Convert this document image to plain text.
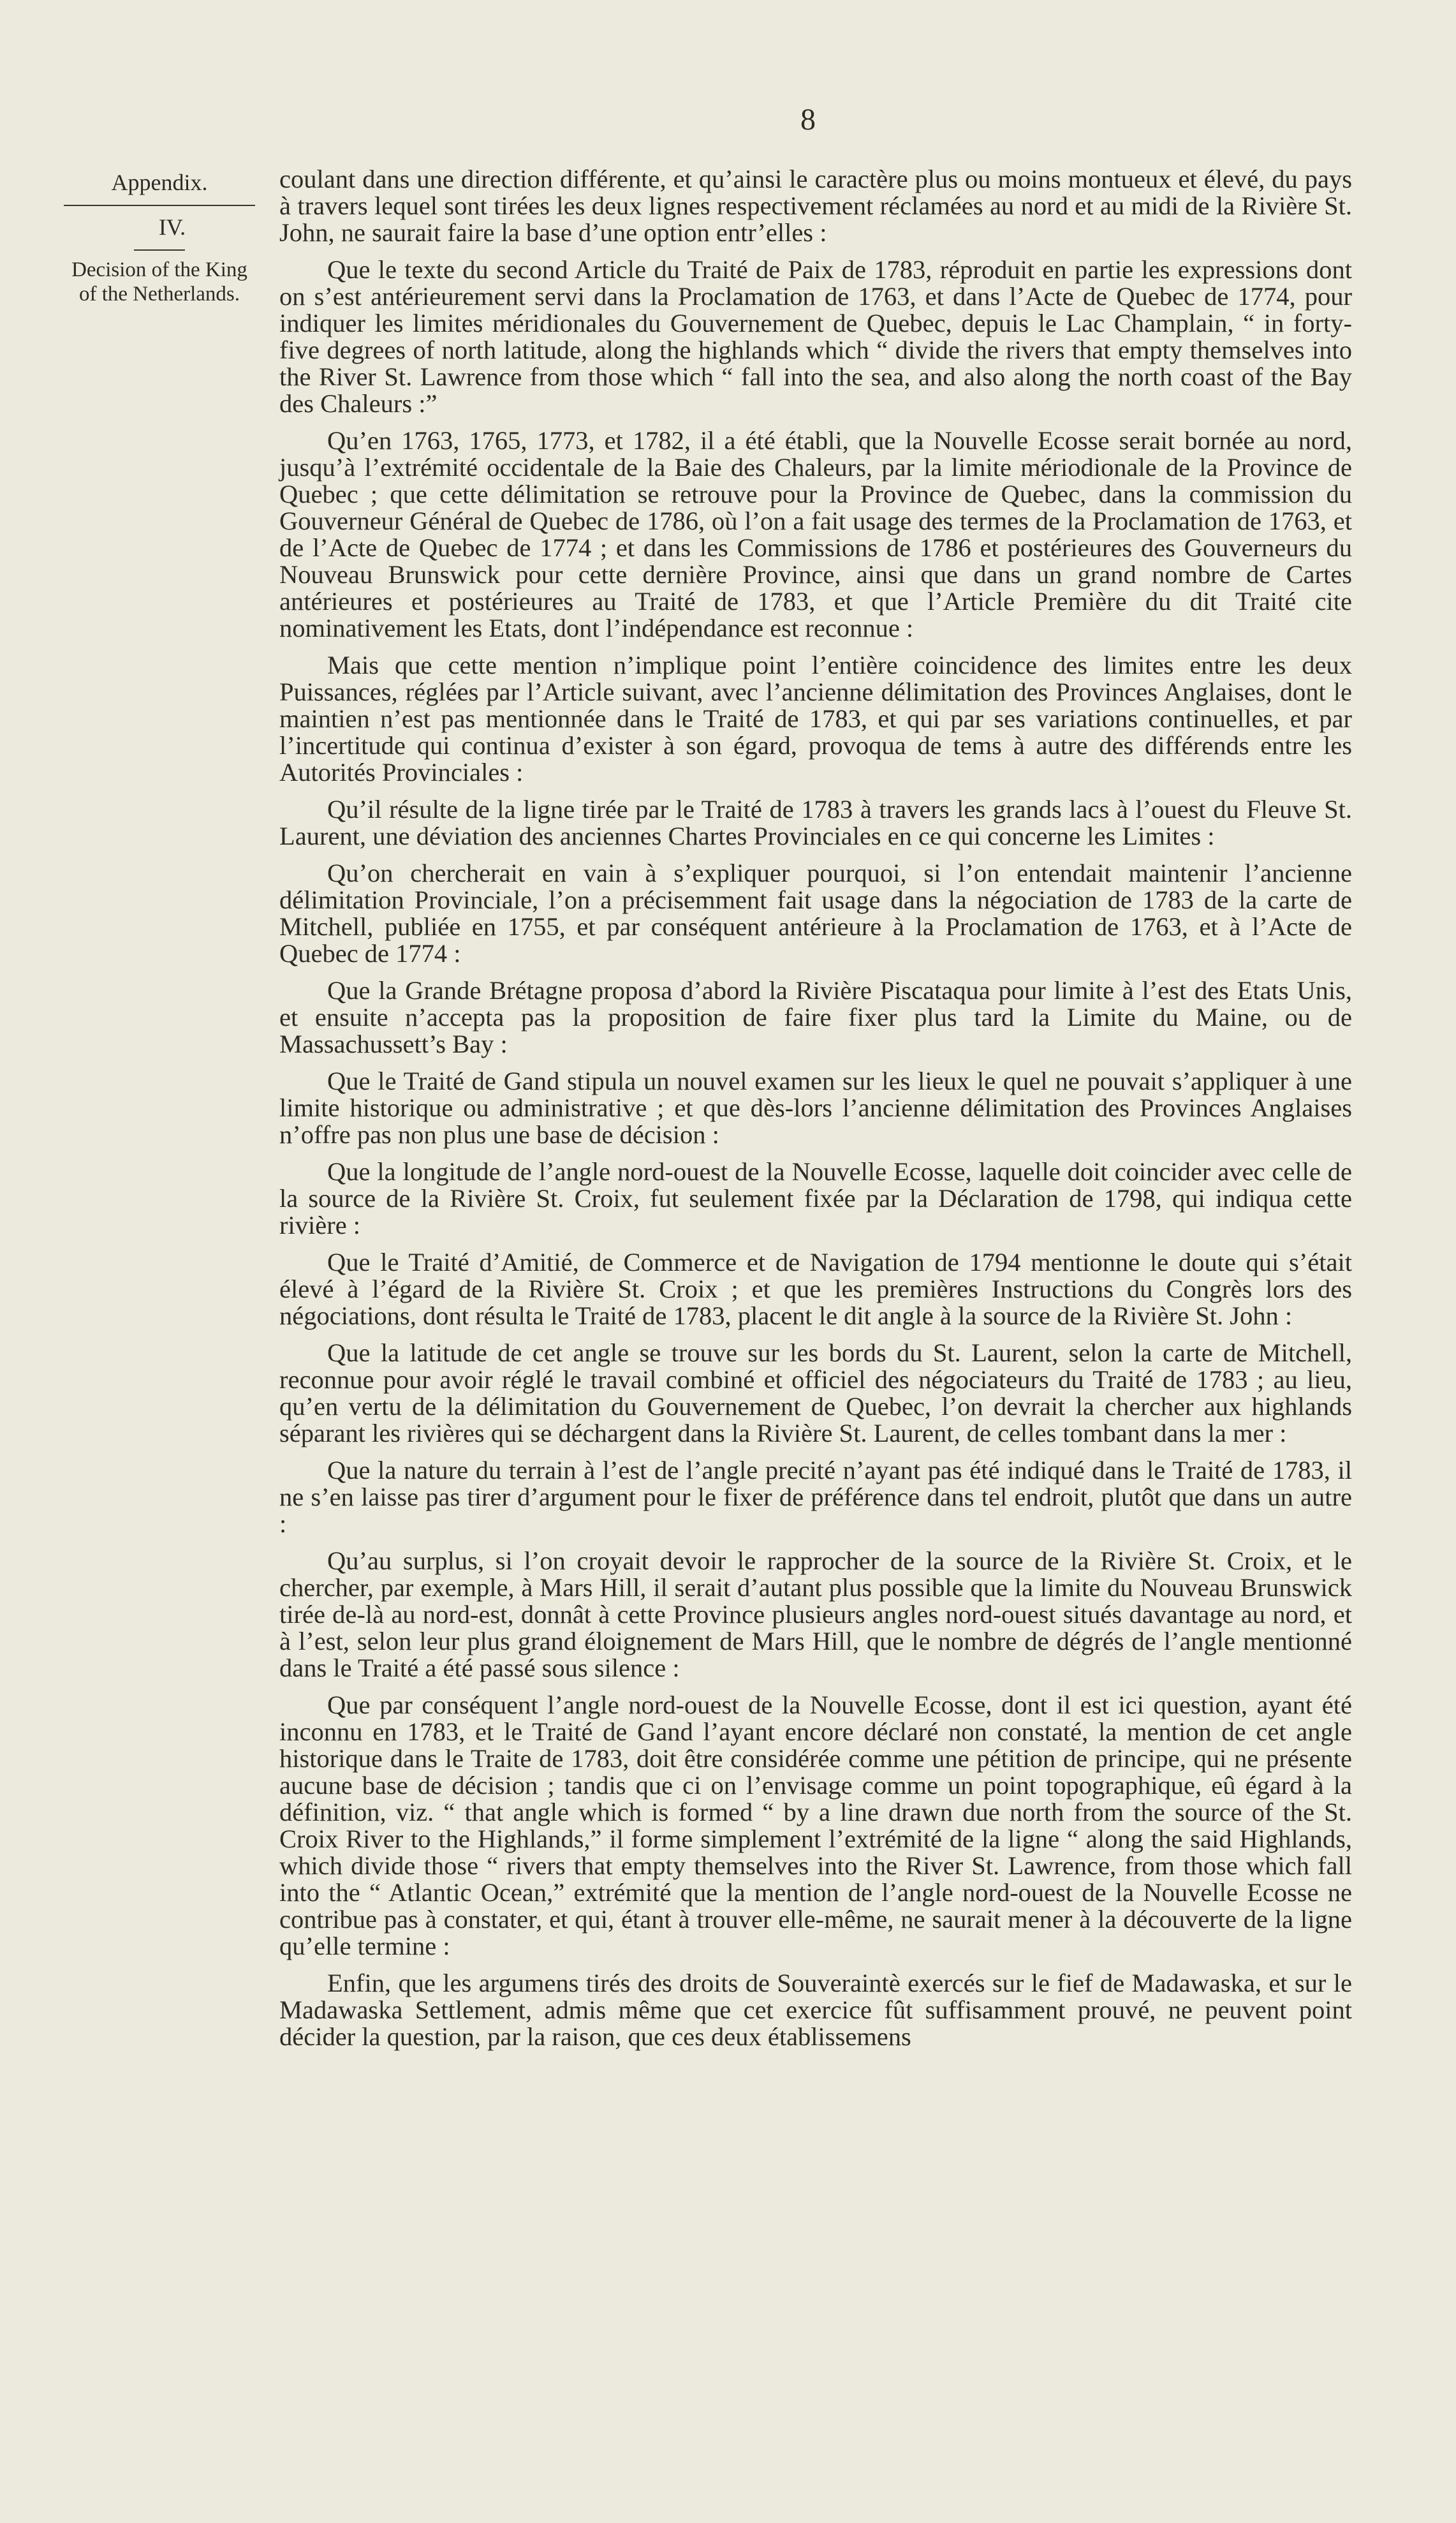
8
Appendix.
IV.
Decision of the King of the Netherlands.

coulant dans une direction différente, et qu’ainsi le caractère plus ou moins montueux et élevé, du pays à travers lequel sont tirées les deux lignes respectivement réclamées au nord et au midi de la Rivière St. John, ne saurait faire la base d’une option entr’elles :

Que le texte du second Article du Traité de Paix de 1783, réproduit en partie les expressions dont on s’est antérieurement servi dans la Proclamation de 1763, et dans l’Acte de Quebec de 1774, pour indiquer les limites méridionales du Gouvernement de Quebec, depuis le Lac Champlain, “ in forty-five degrees of north latitude, along the highlands which “ divide the rivers that empty themselves into the River St. Lawrence from those which “ fall into the sea, and also along the north coast of the Bay des Chaleurs :”

Qu’en 1763, 1765, 1773, et 1782, il a été établi, que la Nouvelle Ecosse serait bornée au nord, jusqu’à l’extrémité occidentale de la Baie des Chaleurs, par la limite mériodionale de la Province de Quebec ; que cette délimitation se retrouve pour la Province de Quebec, dans la commission du Gouverneur Général de Quebec de 1786, où l’on a fait usage des termes de la Proclamation de 1763, et de l’Acte de Quebec de 1774 ; et dans les Commissions de 1786 et postérieures des Gouverneurs du Nouveau Brunswick pour cette dernière Province, ainsi que dans un grand nombre de Cartes antérieures et postérieures au Traité de 1783, et que l’Article Première du dit Traité cite nominativement les Etats, dont l’indépendance est reconnue :

Mais que cette mention n’implique point l’entière coincidence des limites entre les deux Puissances, réglées par l’Article suivant, avec l’ancienne délimitation des Provinces Anglaises, dont le maintien n’est pas mentionnée dans le Traité de 1783, et qui par ses variations continuelles, et par l’incertitude qui continua d’exister à son égard, provoqua de tems à autre des différends entre les Autorités Provinciales :

Qu’il résulte de la ligne tirée par le Traité de 1783 à travers les grands lacs à l’ouest du Fleuve St. Laurent, une déviation des anciennes Chartes Provinciales en ce qui concerne les Limites :

Qu’on chercherait en vain à s’expliquer pourquoi, si l’on entendait maintenir l’ancienne délimitation Provinciale, l’on a précisemment fait usage dans la négociation de 1783 de la carte de Mitchell, publiée en 1755, et par conséquent antérieure à la Proclamation de 1763, et à l’Acte de Quebec de 1774 :

Que la Grande Brétagne proposa d’abord la Rivière Piscataqua pour limite à l’est des Etats Unis, et ensuite n’accepta pas la proposition de faire fixer plus tard la Limite du Maine, ou de Massachussett’s Bay :

Que le Traité de Gand stipula un nouvel examen sur les lieux le quel ne pouvait s’appliquer à une limite historique ou administrative ; et que dès-lors l’ancienne délimitation des Provinces Anglaises n’offre pas non plus une base de décision :

Que la longitude de l’angle nord-ouest de la Nouvelle Ecosse, laquelle doit coincider avec celle de la source de la Rivière St. Croix, fut seulement fixée par la Déclaration de 1798, qui indiqua cette rivière :

Que le Traité d’Amitié, de Commerce et de Navigation de 1794 mentionne le doute qui s’était élevé à l’égard de la Rivière St. Croix ; et que les premières Instructions du Congrès lors des négociations, dont résulta le Traité de 1783, placent le dit angle à la source de la Rivière St. John :

Que la latitude de cet angle se trouve sur les bords du St. Laurent, selon la carte de Mitchell, reconnue pour avoir réglé le travail combiné et officiel des négociateurs du Traité de 1783 ; au lieu, qu’en vertu de la délimitation du Gouvernement de Quebec, l’on devrait la chercher aux highlands séparant les rivières qui se déchargent dans la Rivière St. Laurent, de celles tombant dans la mer :

Que la nature du terrain à l’est de l’angle precité n’ayant pas été indiqué dans le Traité de 1783, il ne s’en laisse pas tirer d’argument pour le fixer de préférence dans tel endroit, plutôt que dans un autre :

Qu’au surplus, si l’on croyait devoir le rapprocher de la source de la Rivière St. Croix, et le chercher, par exemple, à Mars Hill, il serait d’autant plus possible que la limite du Nouveau Brunswick tirée de-là au nord-est, donnât à cette Province plusieurs angles nord-ouest situés davantage au nord, et à l’est, selon leur plus grand éloignement de Mars Hill, que le nombre de dégrés de l’angle mentionné dans le Traité a été passé sous silence :

Que par conséquent l’angle nord-ouest de la Nouvelle Ecosse, dont il est ici question, ayant été inconnu en 1783, et le Traité de Gand l’ayant encore déclaré non constaté, la mention de cet angle historique dans le Traite de 1783, doit être considérée comme une pétition de principe, qui ne présente aucune base de décision ; tandis que ci on l’envisage comme un point topographique, eû égard à la définition, viz. “ that angle which is formed “ by a line drawn due north from the source of the St. Croix River to the Highlands,” il forme simplement l’extrémité de la ligne “ along the said Highlands, which divide those “ rivers that empty themselves into the River St. Lawrence, from those which fall into the “ Atlantic Ocean,” extrémité que la mention de l’angle nord-ouest de la Nouvelle Ecosse ne contribue pas à constater, et qui, étant à trouver elle-même, ne saurait mener à la découverte de la ligne qu’elle termine :

Enfin, que les argumens tirés des droits de Souveraintè exercés sur le fief de Madawaska, et sur le Madawaska Settlement, admis même que cet exercice fût suffisamment prouvé, ne peuvent point décider la question, par la raison, que ces deux établissemens
